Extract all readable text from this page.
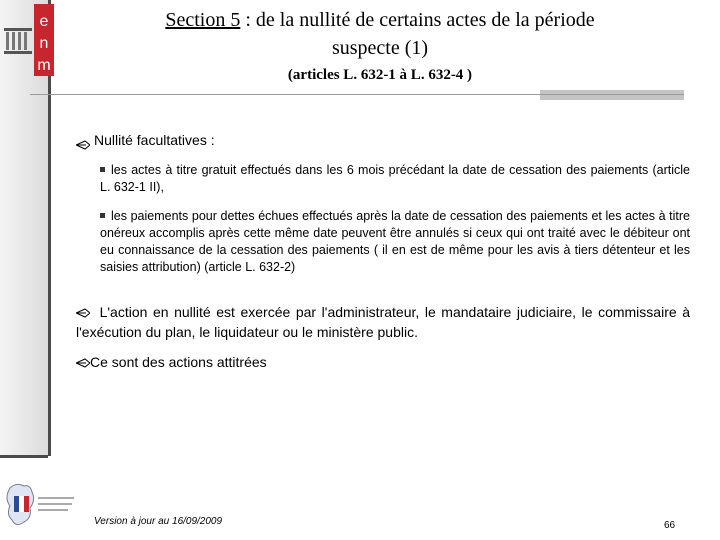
e
n
m
Section 5 : de la nullité de certains actes de la période
suspecte (1)
(articles L. 632-1 à L. 632-4 )
Nullité facultatives :
les actes à titre gratuit effectués dans les 6 mois précédant la date de cessation des paiements (article L. 632-1 II),
les paiements pour dettes échues effectués après la date de cessation des paiements et les actes à titre onéreux accomplis après cette même date peuvent être annulés si ceux qui ont traité avec le débiteur ont eu connaissance de la cessation des paiements ( il en est de même pour les avis à tiers détenteur et les saisies attribution) (article L. 632-2)
L'action en nullité est exercée par l'administrateur, le mandataire judiciaire, le commissaire à l'exécution du plan, le liquidateur ou le ministère public.
Ce sont des actions attitrées
Version à jour au 16/09/2009	66
